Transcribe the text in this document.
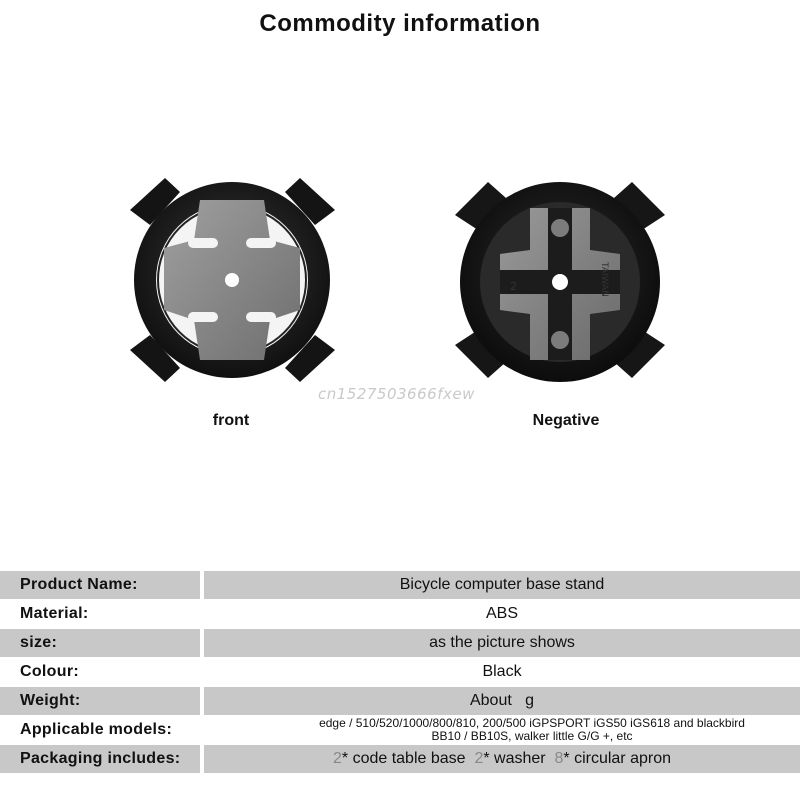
Commodity information
front
2	TAIWAN
Negative
cn1527503666fxew
Product Name:		Bicycle computer base stand
Material:		ABS
size:		as the picture shows
Colour:		Black
Weight:		About   g
Applicable models:		edge / 510/520/1000/800/810, 200/500 iGPSPORT iGS50 iGS618 and blackbird BB10 / BB10S, walker little G/G +, etc
Packaging includes:		2* code table base 2* washer 8* circular apron
